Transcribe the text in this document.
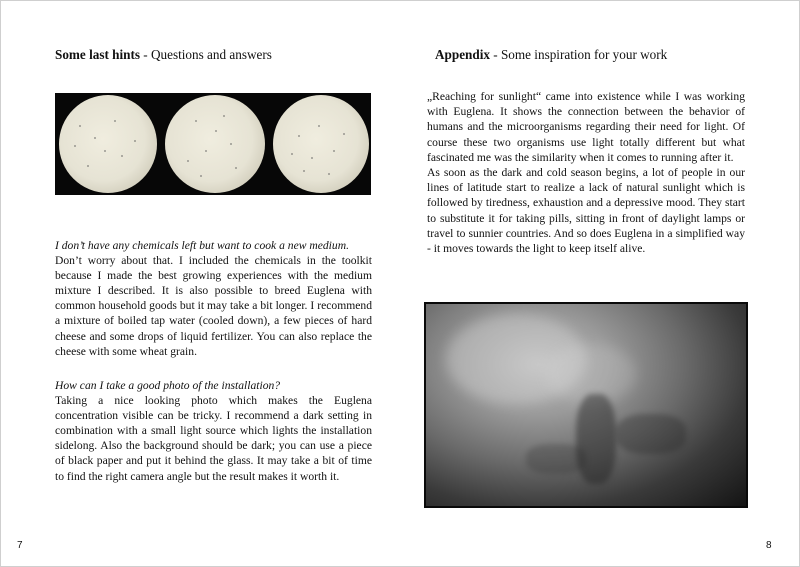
Some last hints - Questions and answers
I don’t have any chemicals left but want to cook a new medium.
Don’t worry about that. I included the chemicals in the toolkit because I made the best growing experiences with the medium mixture I described. It is also possible to breed Euglena with common household goods but it may take a bit longer. I recommend a mixture of boiled tap water (cooled down), a few pieces of hard cheese and some drops of liquid fertilizer. You can also replace the cheese with some wheat grain.
How can I take a good photo of the installation?
Taking a nice looking photo which makes the Euglena concentration visible can be tricky. I recommend a dark setting in combination with a small light source which lights the installation sidelong. Also the background should be dark; you can use a piece of black paper and put it behind the glass. It may take a bit of time to find the right camera angle but the result makes it worth it.
7
Appendix - Some inspiration for your work

„Reaching for sunlight“ came into existence while I was working with Euglena. It shows the connection between the behavior of humans and the microorganisms regarding their need for light. Of course these two organisms use light totally different but what fascinated me was the similarity when it comes to running after it.

As soon as the dark and cold season begins, a lot of people in our lines of latitude start to realize a lack of natural sunlight which is followed by tiredness, exhaustion and a depressive mood. They start to substitute it for taking pills, sitting in front of daylight lamps or travel to sunnier countries. And so does Euglena in a simplified way - it moves towards the light to keep itself alive.

8
